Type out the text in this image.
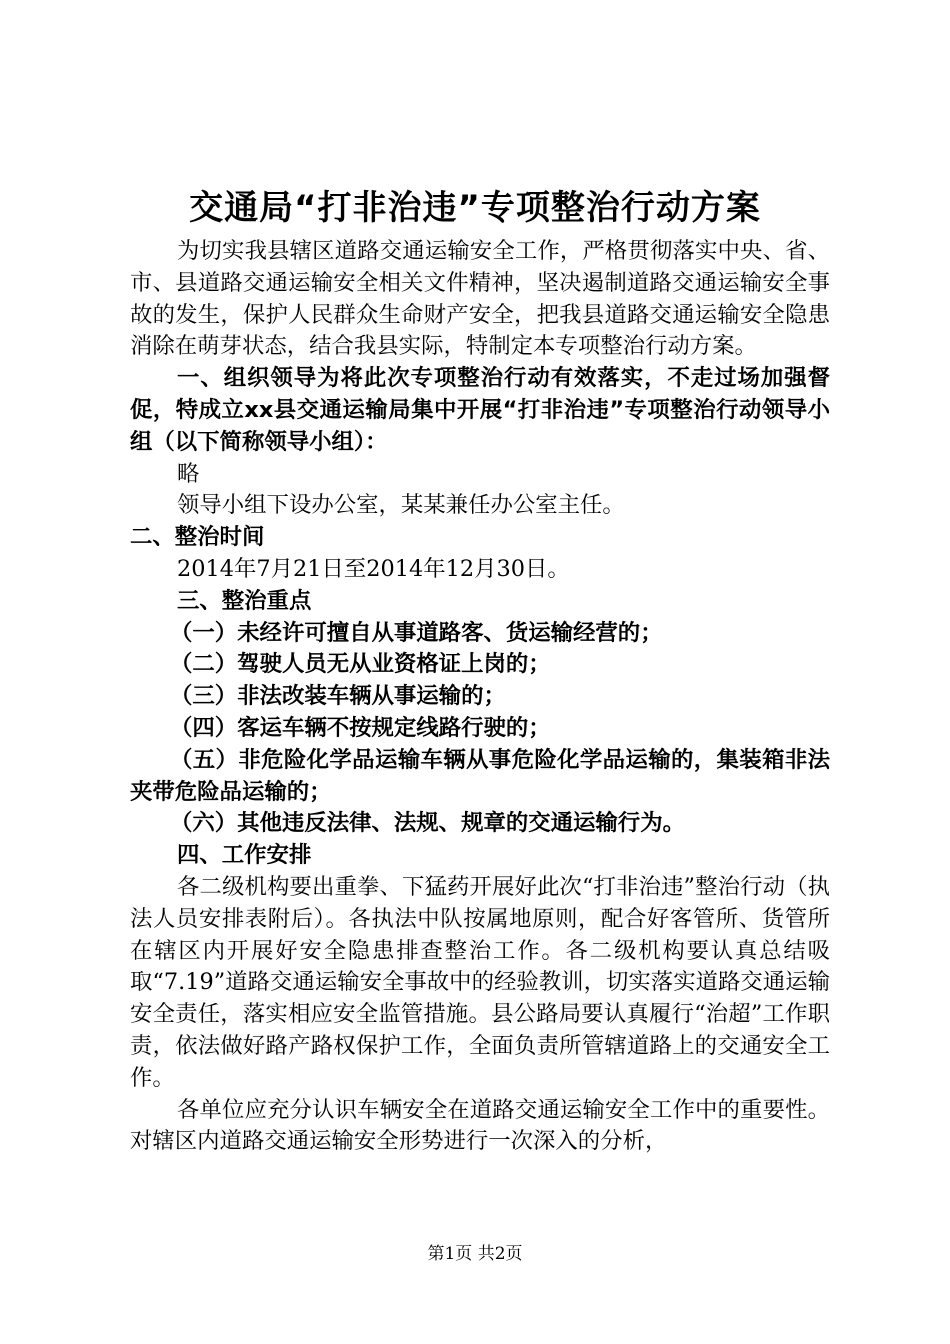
交通局“打非治违”专项整治行动方案

为切实我县辖区道路交通运输安全工作，严格贯彻落实中央、省、市、县道路交通运输安全相关文件精神，坚决遏制道路交通运输安全事故的发生，保护人民群众生命财产安全，把我县道路交通运输安全隐患消除在萌芽状态，结合我县实际，特制定本专项整治行动方案。

一、组织领导为将此次专项整治行动有效落实，不走过场加强督促，特成立xx县交通运输局集中开展“打非治违”专项整治行动领导小组（以下简称领导小组）：

略

领导小组下设办公室，某某兼任办公室主任。

二、整治时间

2014年7月21日至2014年12月30日。

三、整治重点

（一）未经许可擅自从事道路客、货运输经营的；

（二）驾驶人员无从业资格证上岗的；

（三）非法改装车辆从事运输的；

（四）客运车辆不按规定线路行驶的；

（五）非危险化学品运输车辆从事危险化学品运输的，集装箱非法夹带危险品运输的；

（六）其他违反法律、法规、规章的交通运输行为。

四、工作安排

各二级机构要出重拳、下猛药开展好此次“打非治违”整治行动（执法人员安排表附后）。各执法中队按属地原则，配合好客管所、货管所在辖区内开展好安全隐患排查整治工作。各二级机构要认真总结吸取“7.19”道路交通运输安全事故中的经验教训，切实落实道路交通运输安全责任，落实相应安全监管措施。县公路局要认真履行“治超”工作职责，依法做好路产路权保护工作，全面负责所管辖道路上的交通安全工作。

各单位应充分认识车辆安全在道路交通运输安全工作中的重要性。对辖区内道路交通运输安全形势进行一次深入的分析，

第1页 共2页
